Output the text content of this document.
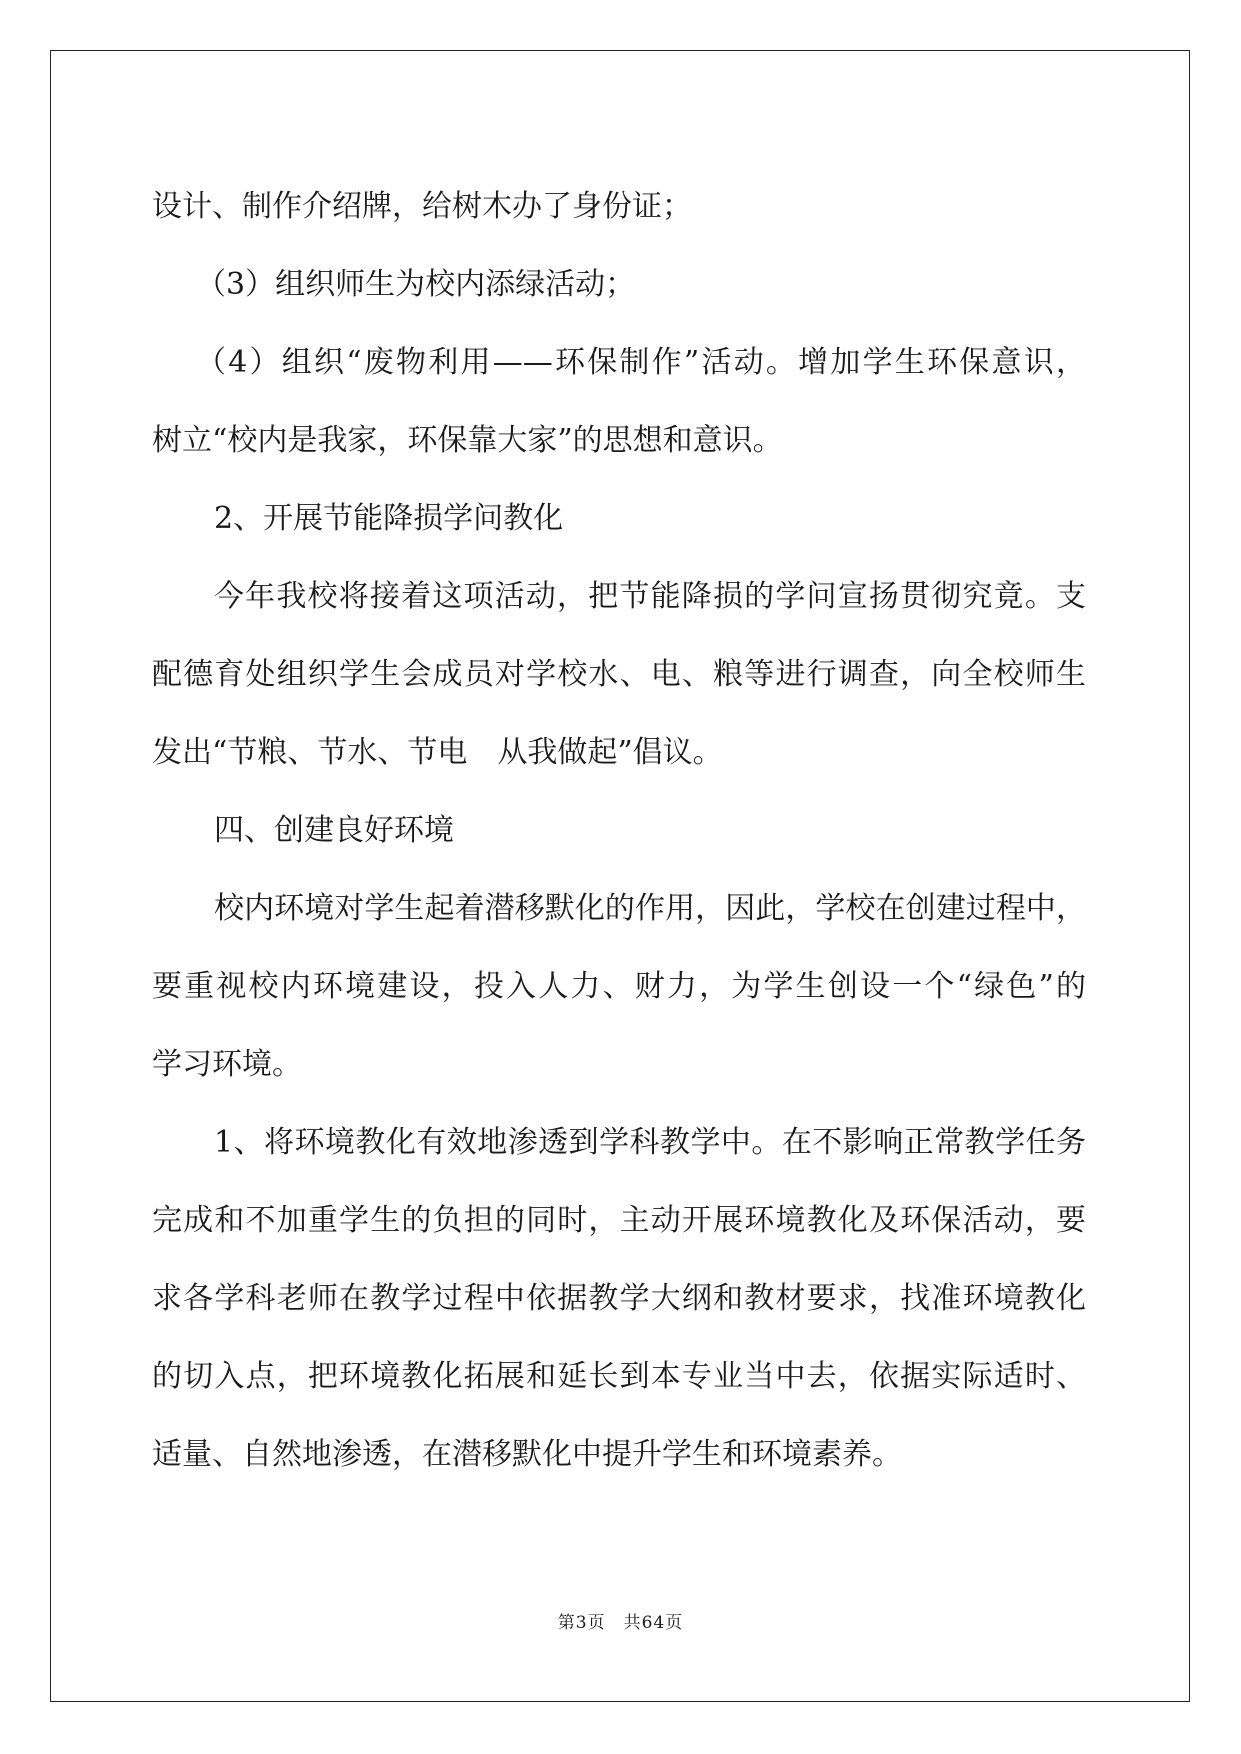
设计、制作介绍牌，给树木办了身份证；
（3）组织师生为校内添绿活动；
（4）组织“废物利用——环保制作”活动。增加学生环保意识，
树立“校内是我家，环保靠大家”的思想和意识。
2、开展节能降损学问教化
今年我校将接着这项活动，把节能降损的学问宣扬贯彻究竟。支
配德育处组织学生会成员对学校水、电、粮等进行调查，向全校师生
发出“节粮、节水、节电　从我做起”倡议。
四、创建良好环境
校内环境对学生起着潜移默化的作用，因此，学校在创建过程中，
要重视校内环境建设，投入人力、财力，为学生创设一个“绿色”的
学习环境。
1、将环境教化有效地渗透到学科教学中。在不影响正常教学任务
完成和不加重学生的负担的同时，主动开展环境教化及环保活动，要
求各学科老师在教学过程中依据教学大纲和教材要求，找准环境教化
的切入点，把环境教化拓展和延长到本专业当中去，依据实际适时、
适量、自然地渗透，在潜移默化中提升学生和环境素养。
第3页 共64页
